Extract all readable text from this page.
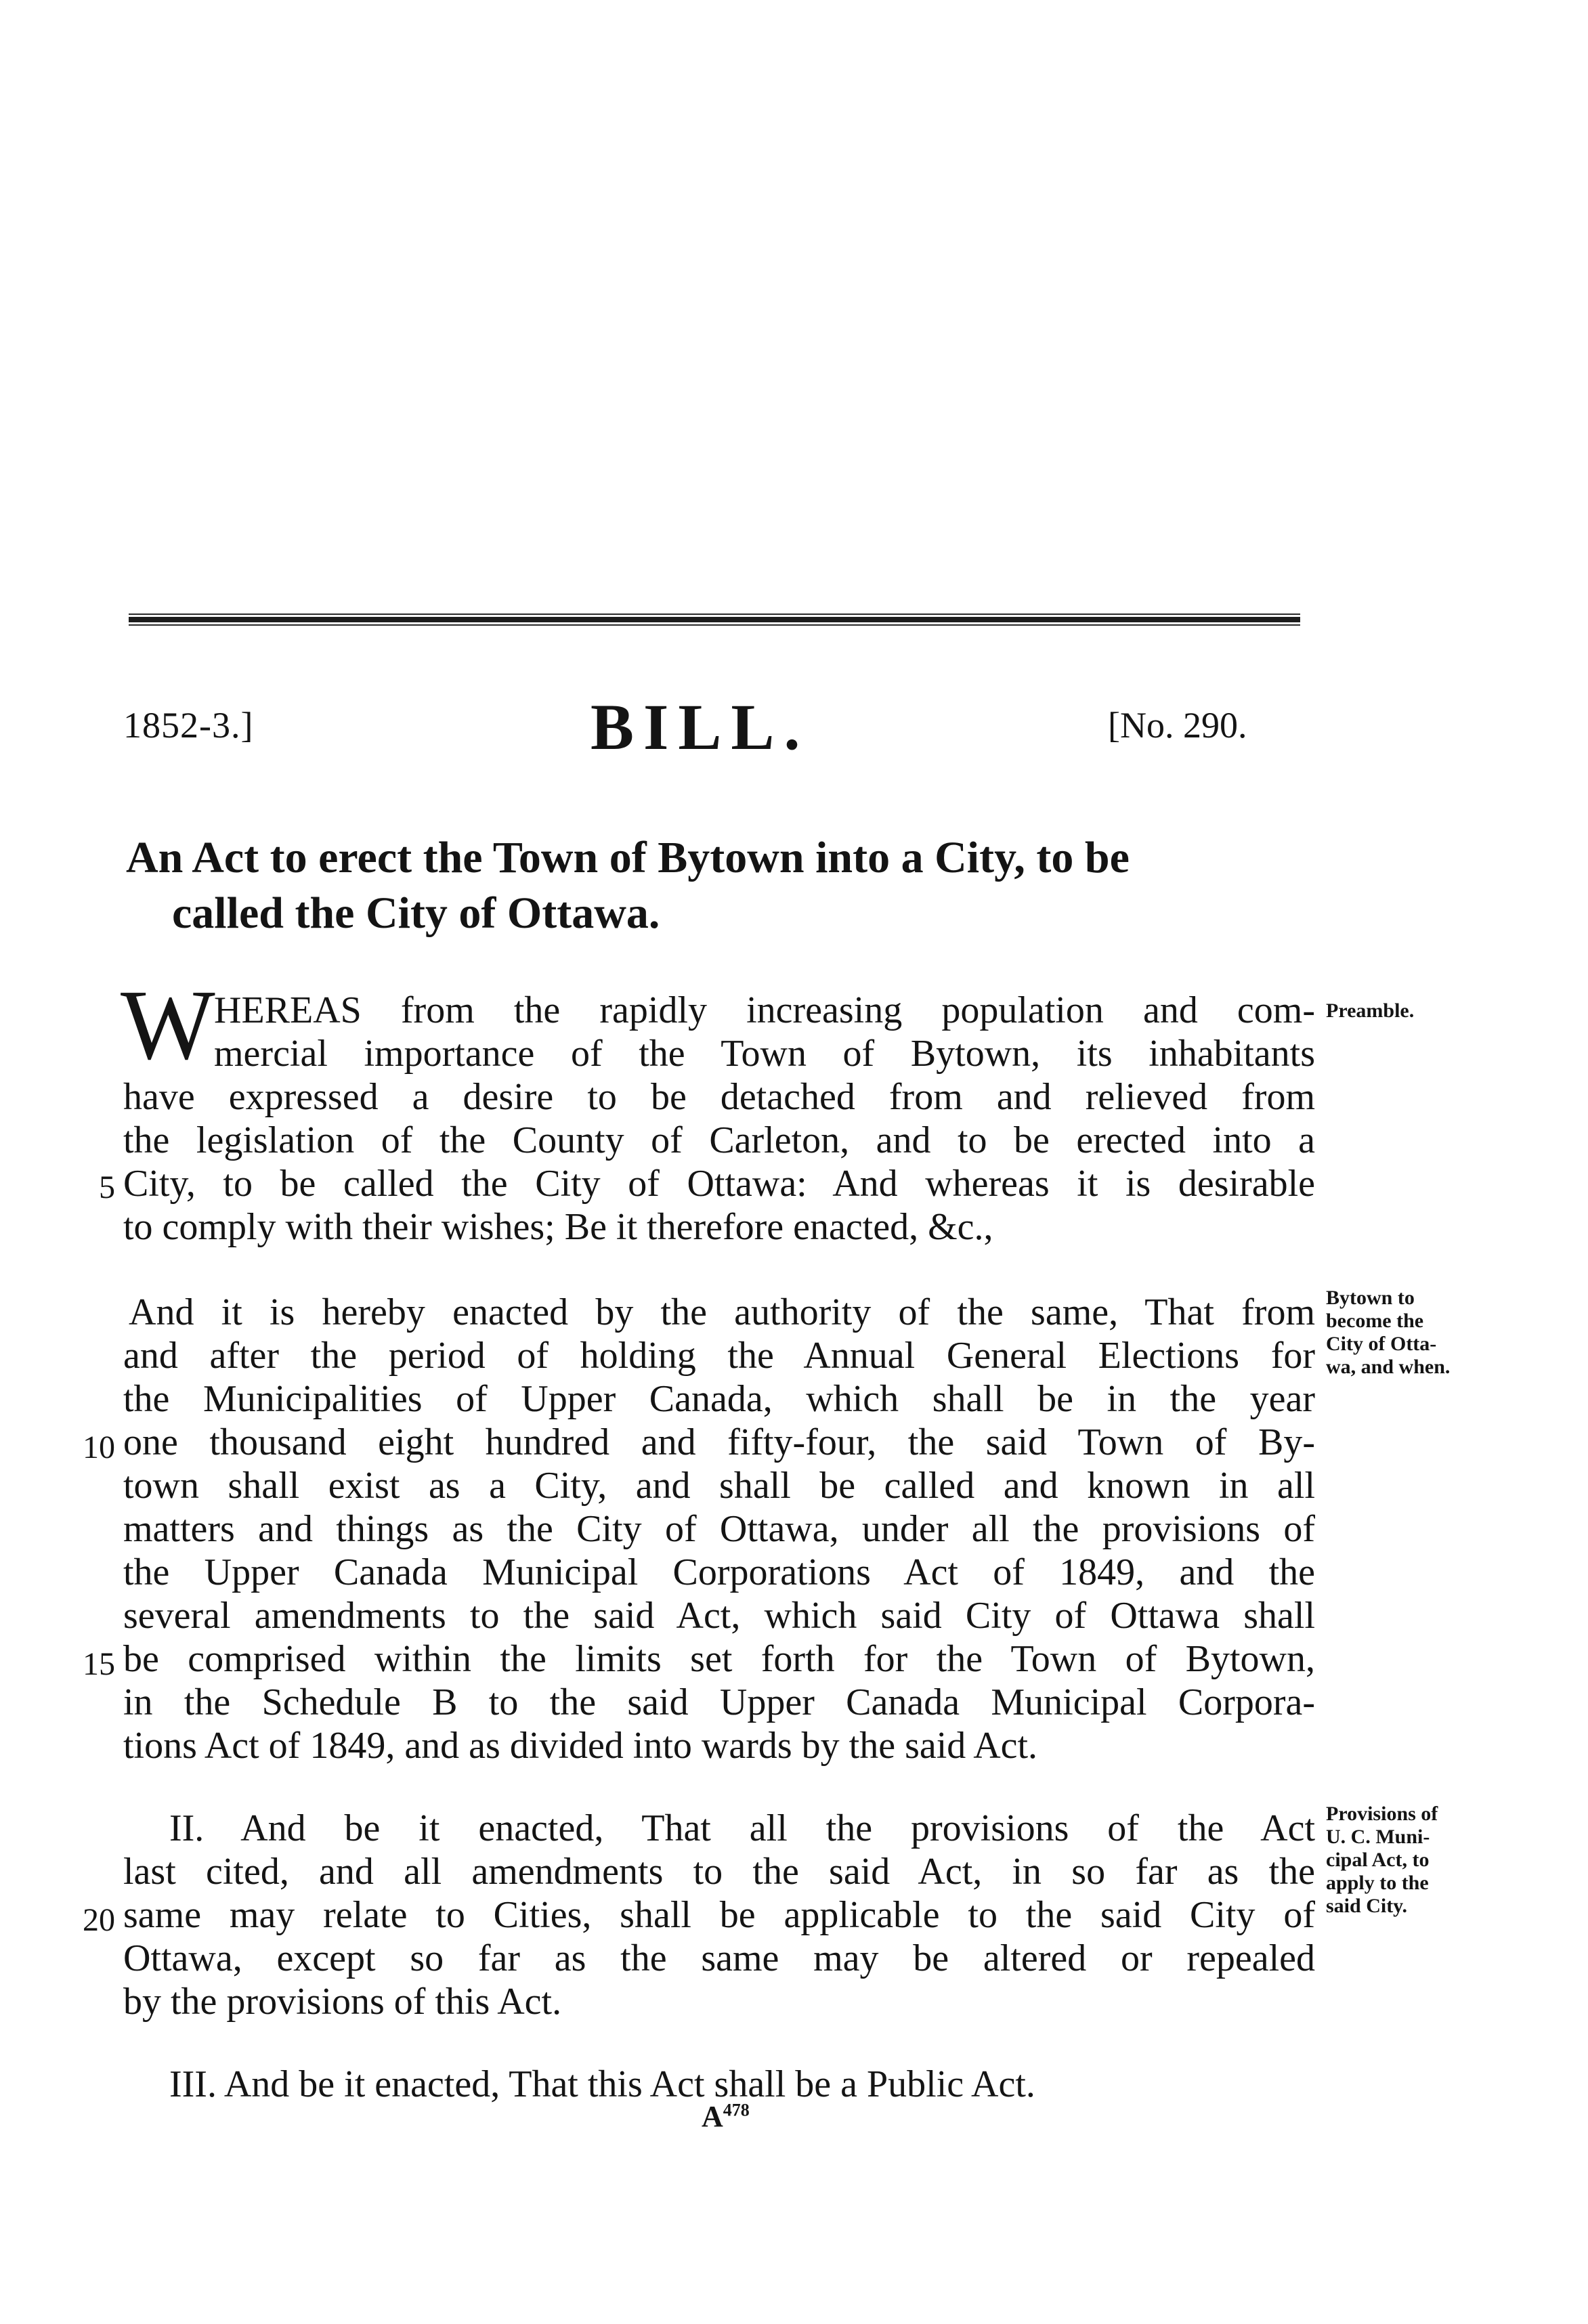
1852-3.]	BILL.	[No. 290.
An Act to erect the Town of Bytown into a City, to be
called the City of Ottawa.
W
HEREAS from the rapidly increasing population and com-
mercial importance of the Town of Bytown, its inhabitants
have expressed a desire to be detached from and relieved from
the legislation of the County of Carleton, and to be erected into a
City, to be called the City of Ottawa: And whereas it is desirable
to comply with their wishes; Be it therefore enacted, &c.,
5
Preamble.
And it is hereby enacted by the authority of the same, That from
and after the period of holding the Annual General Elections for
the Municipalities of Upper Canada, which shall be in the year
one thousand eight hundred and fifty-four, the said Town of By-
town shall exist as a City, and shall be called and known in all
matters and things as the City of Ottawa, under all the provisions of
the Upper Canada Municipal Corporations Act of 1849, and the
several amendments to the said Act, which said City of Ottawa shall
be comprised within the limits set forth for the Town of Bytown,
in the Schedule B to the said Upper Canada Municipal Corpora-
tions Act of 1849, and as divided into wards by the said Act.
10
15
Bytown to
become the
City of Otta-
wa, and when.
II. And be it enacted, That all the provisions of the Act
last cited, and all amendments to the said Act, in so far as the
same may relate to Cities, shall be applicable to the said City of
Ottawa, except so far as the same may be altered or repealed
by the provisions of this Act.
20
Provisions of
U. C. Muni-
cipal Act, to
apply to the
said City.
III. And be it enacted, That this Act shall be a Public Act.
$A^{478}$
